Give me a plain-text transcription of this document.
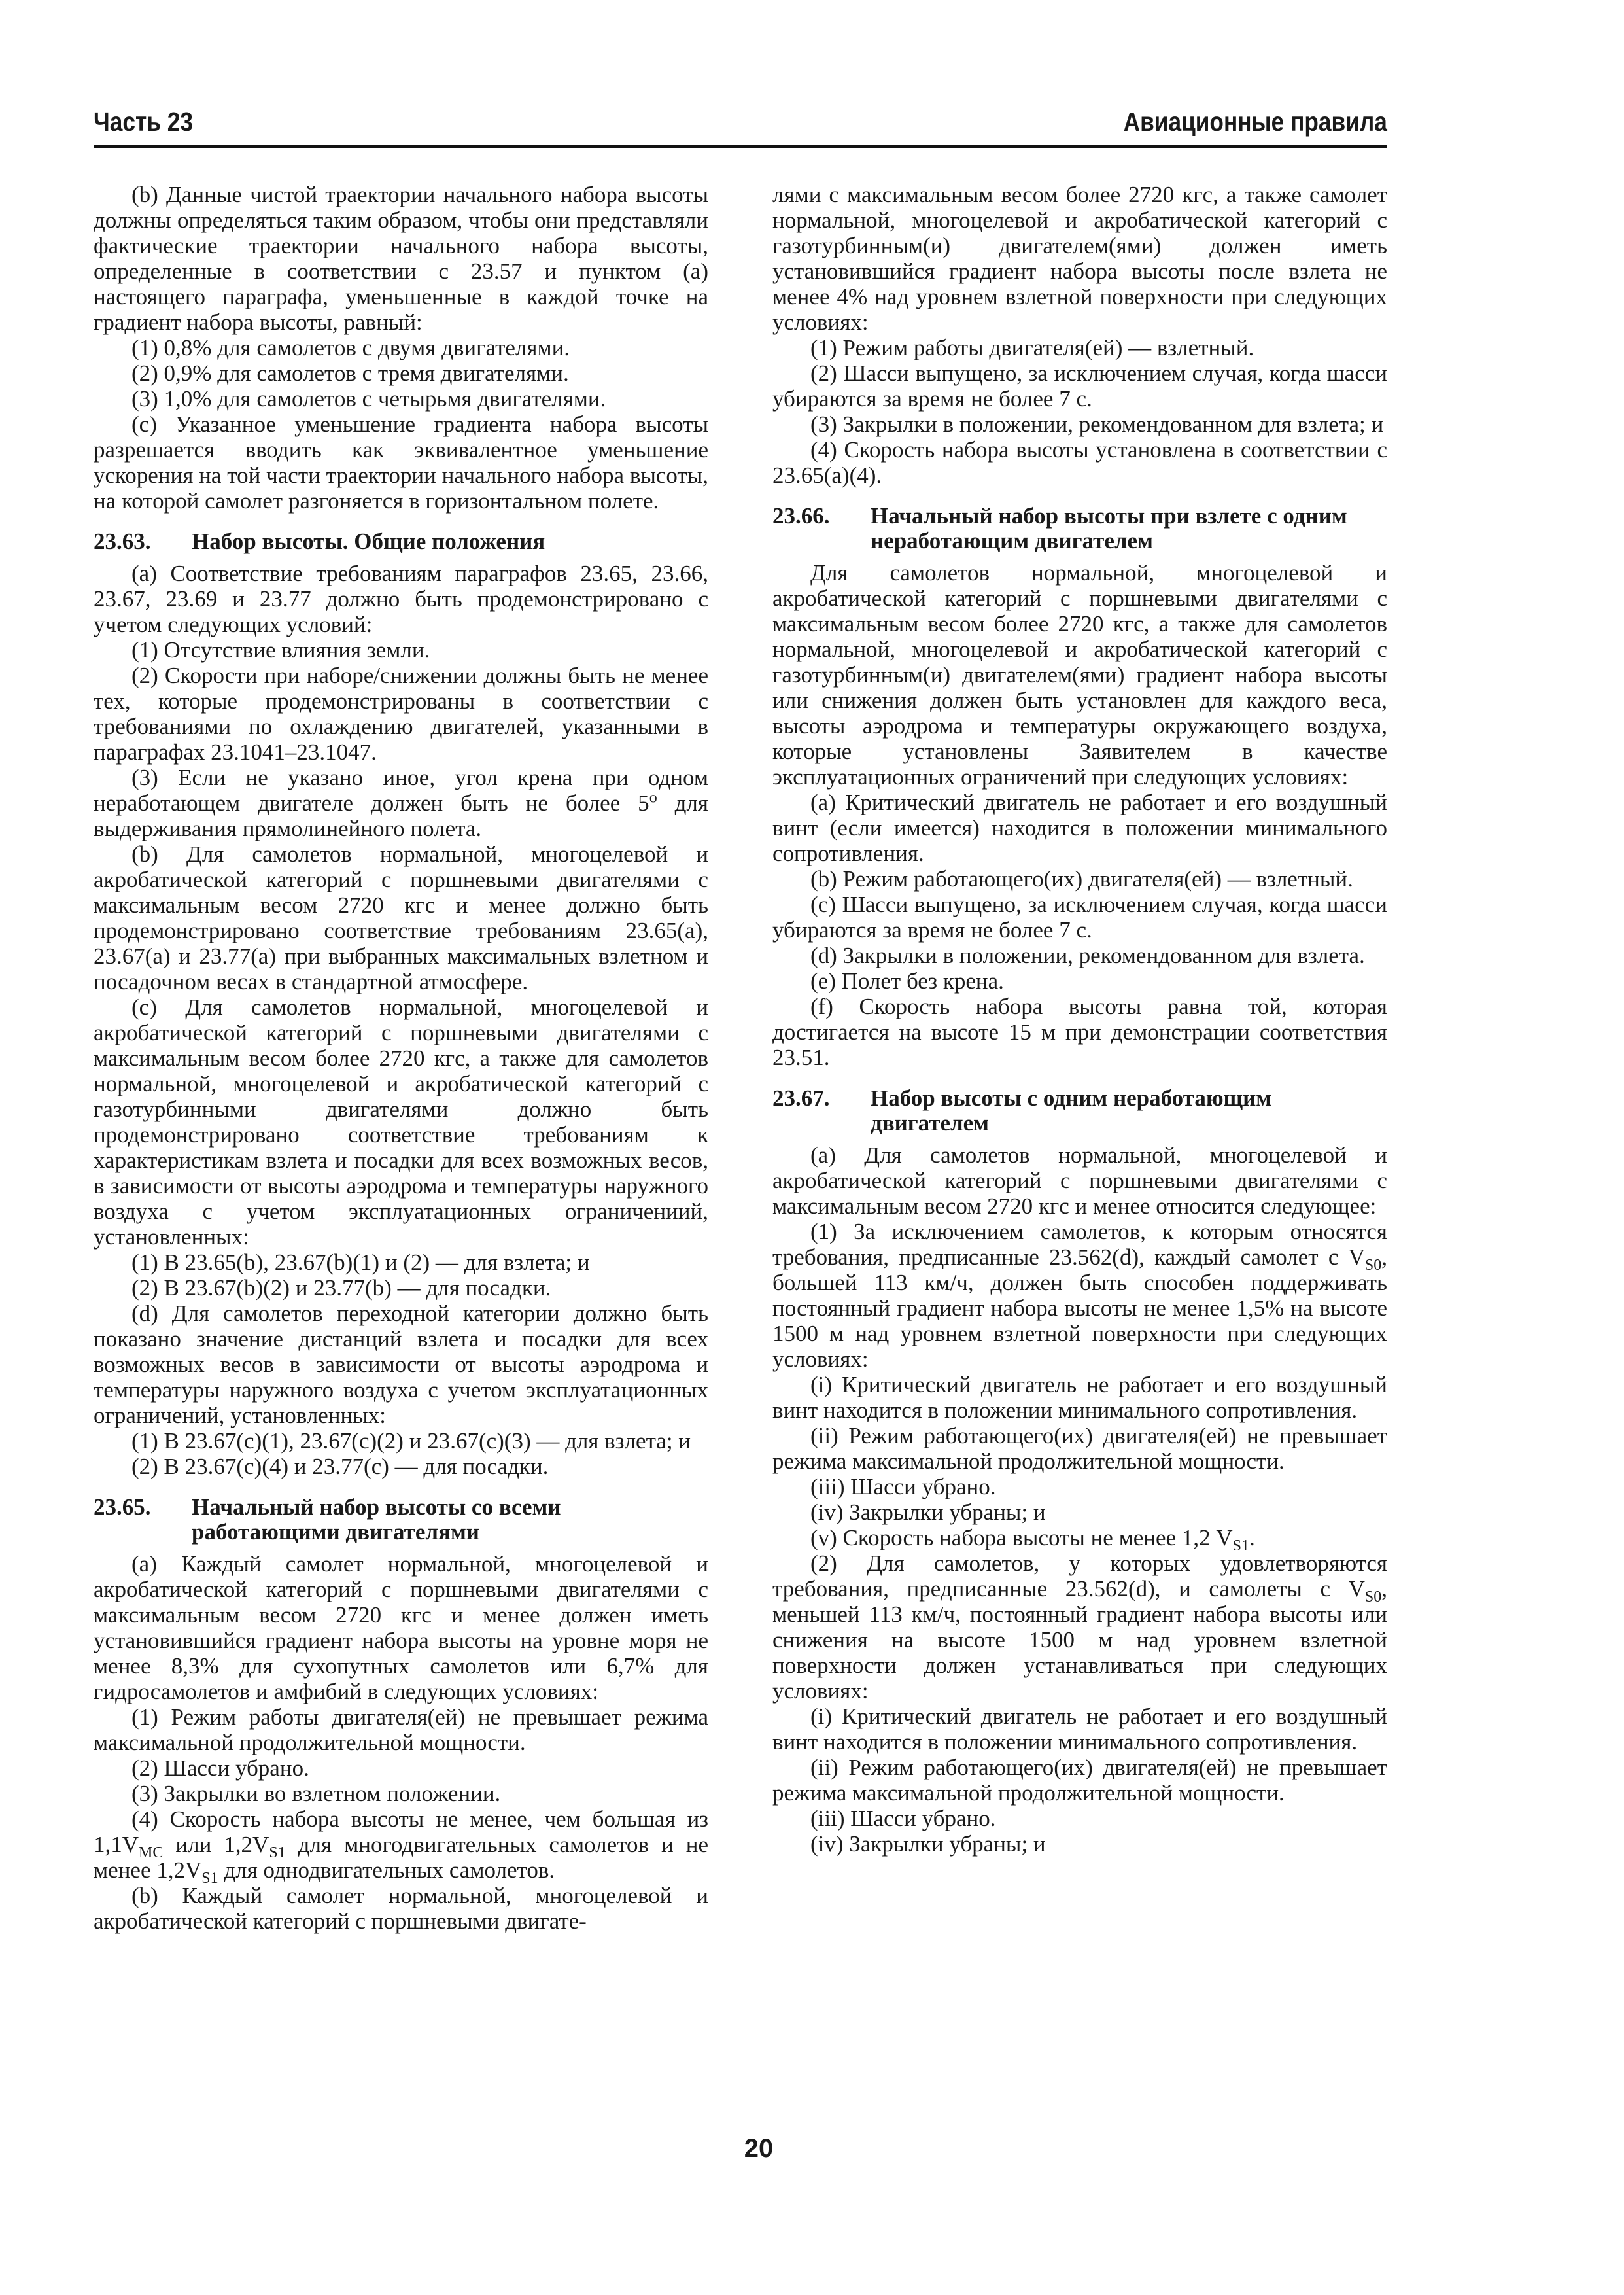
Часть 23	Авиационные правила

(b) Данные чистой траектории начального набора высоты должны определяться таким образом, чтобы они представляли фактические траектории начального набора высоты, определенные в соответствии с 23.57 и пунктом (a) настоящего параграфа, уменьшенные в каждой точке на градиент набора высоты, равный:

(1) 0,8% для самолетов с двумя двигателями.

(2) 0,9% для самолетов с тремя двигателями.

(3) 1,0% для самолетов с четырьмя двигателями.

(c) Указанное уменьшение градиента набора высоты разрешается вводить как эквивалентное уменьшение ускорения на той части траектории начального набора высоты, на которой самолет разгоняется в горизонтальном полете.

23.63. Набор высоты. Общие положения

(a) Соответствие требованиям параграфов 23.65, 23.66, 23.67, 23.69 и 23.77 должно быть продемонстрировано с учетом следующих условий:

(1) Отсутствие влияния земли.

(2) Скорости при наборе/снижении должны быть не менее тех, которые продемонстрированы в соответствии с требованиями по охлаждению двигателей, указанными в параграфах 23.1041–23.1047.

(3) Если не указано иное, угол крена при одном неработающем двигателе должен быть не более 5$^o$ для выдерживания прямолинейного полета.

(b) Для самолетов нормальной, многоцелевой и акробатической категорий с поршневыми двигателями с максимальным весом 2720 кгс и менее должно быть продемонстрировано соответствие требованиям 23.65(a), 23.67(a) и 23.77(a) при выбранных максимальных взлетном и посадочном весах в стандартной атмосфере.

(c) Для самолетов нормальной, многоцелевой и акробатической категорий с поршневыми двигателями с максимальным весом более 2720 кгс, а также для самолетов нормальной, многоцелевой и акробатической категорий с газотурбинными двигателями должно быть продемонстрировано соответствие требованиям к характеристикам взлета и посадки для всех возможных весов, в зависимости от высоты аэродрома и температуры наружного воздуха с учетом эксплуатационных ограничениий, установленных:

(1) В 23.65(b), 23.67(b)(1) и (2) — для взлета; и

(2) В 23.67(b)(2) и 23.77(b) — для посадки.

(d) Для самолетов переходной категории должно быть показано значение дистанций взлета и посадки для всех возможных весов в зависимости от высоты аэродрома и температуры наружного воздуха с учетом эксплуатационных ограничений, установленных:

(1) В 23.67(c)(1), 23.67(c)(2) и 23.67(c)(3) — для взлета; и

(2) В 23.67(c)(4) и 23.77(c) — для посадки.

23.65. Начальный набор высоты со всеми работающими двигателями

(a) Каждый самолет нормальной, многоцелевой и акробатической категорий с поршневыми двигателями с максимальным весом 2720 кгс и менее должен иметь установившийся градиент набора высоты на уровне моря не менее 8,3% для сухопутных самолетов или 6,7% для гидросамолетов и амфибий в следующих условиях:

(1) Режим работы двигателя(ей) не превышает режима максимальной продолжительной мощности.

(2) Шасси убрано.

(3) Закрылки во взлетном положении.

(4) Скорость набора высоты не менее, чем большая из $1,1V_{MC}$ или $1,2V_{S1}$ для многодвигательных самолетов и не менее $1,2V_{S1}$ для однодвигательных самолетов.

(b) Каждый самолет нормальной, многоцелевой и акробатической категорий с поршневыми двигате-

лями с максимальным весом более 2720 кгс, а также самолет нормальной, многоцелевой и акробатической категорий с газотурбинным(и) двигателем(ями) должен иметь установившийся градиент набора высоты после взлета не менее 4% над уровнем взлетной поверхности при следующих условиях:

(1) Режим работы двигателя(ей) — взлетный.

(2) Шасси выпущено, за исключением случая, когда шасси убираются за время не более 7 с.

(3) Закрылки в положении, рекомендованном для взлета; и

(4) Скорость набора высоты установлена в соответствии с 23.65(a)(4).

23.66. Начальный набор высоты при взлете с одним неработающим двигателем

Для самолетов нормальной, многоцелевой и акробатической категорий с поршневыми двигателями с максимальным весом более 2720 кгс, а также для самолетов нормальной, многоцелевой и акробатической категорий с газотурбинным(и) двигателем(ями) градиент набора высоты или снижения должен быть установлен для каждого веса, высоты аэродрома и температуры окружающего воздуха, которые установлены Заявителем в качестве эксплуатационных ограничений при следующих условиях:

(a) Критический двигатель не работает и его воздушный винт (если имеется) находится в положении минимального сопротивления.

(b) Режим работающего(их) двигателя(ей) — взлетный.

(c) Шасси выпущено, за исключением случая, когда шасси убираются за время не более 7 с.

(d) Закрылки в положении, рекомендованном для взлета.

(e) Полет без крена.

(f) Скорость набора высоты равна той, которая достигается на высоте 15 м при демонстрации соответствия 23.51.

23.67. Набор высоты с одним неработающим двигателем

(a) Для самолетов нормальной, многоцелевой и акробатической категорий с поршневыми двигателями с максимальным весом 2720 кгс и менее относится следующее:

(1) За исключением самолетов, к которым относятся требования, предписанные 23.562(d), каждый самолет с $V_{S0}$, большей 113 км/ч, должен быть способен поддерживать постоянный градиент набора высоты не менее 1,5% на высоте 1500 м над уровнем взлетной поверхности при следующих условиях:

(i) Критический двигатель не работает и его воздушный винт находится в положении минимального сопротивления.

(ii) Режим работающего(их) двигателя(ей) не превышает режима максимальной продолжительной мощности.

(iii) Шасси убрано.

(iv) Закрылки убраны; и

(v) Скорость набора высоты не менее 1,2 $V_{S1}$.

(2) Для самолетов, у которых удовлетворяются требования, предписанные 23.562(d), и самолеты с $V_{S0}$, меньшей 113 км/ч, постоянный градиент набора высоты или снижения на высоте 1500 м над уровнем взлетной поверхности должен устанавливаться при следующих условиях:

(i) Критический двигатель не работает и его воздушный винт находится в положении минимального сопротивления.

(ii) Режим работающего(их) двигателя(ей) не превышает режима максимальной продолжительной мощности.

(iii) Шасси убрано.

(iv) Закрылки убраны; и

20
